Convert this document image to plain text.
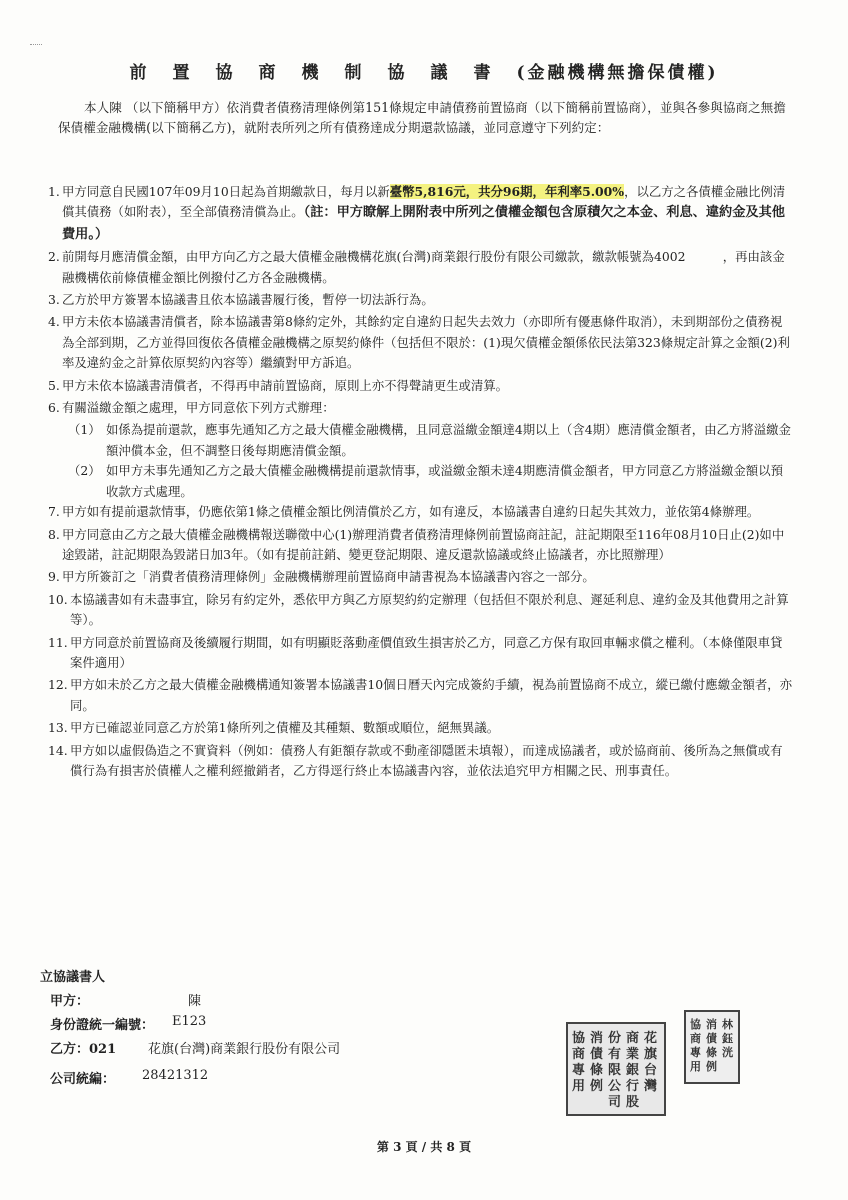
前置協商機制協議書(金融機構無擔保債權)
本人陳 （以下簡稱甲方）依消費者債務清理條例第151條規定申請債務前置協商（以下簡稱前置協商），並與各參與協商之無擔保債權金融機構(以下簡稱乙方)，就附表所列之所有債務達成分期還款協議，並同意遵守下列約定：
1. 甲方同意自民國107年09月10日起為首期繳款日，每月以新臺幣5,816元，共分96期，年利率5.00%，以乙方之各債權金融比例清償其債務（如附表），至全部債務清償為止。（註：甲方瞭解上開附表中所列之債權金額包含原積欠之本金、利息、違約金及其他費用。）
2. 前開每月應清償金額，由甲方向乙方之最大債權金融機構花旗(台灣)商業銀行股份有限公司繳款，繳款帳號為4002　　　，再由該金融機構依前條債權金額比例撥付乙方各金融機構。
3. 乙方於甲方簽署本協議書且依本協議書履行後，暫停一切法訴行為。
4. 甲方未依本協議書清償者，除本協議書第8條約定外，其餘約定自違約日起失去效力（亦即所有優惠條件取消），未到期部份之債務視為全部到期，乙方並得回復依各債權金融機構之原契約條件（包括但不限於：(1)現欠債權金額係依民法第323條規定計算之金額(2)利率及違約金之計算依原契約內容等）繼續對甲方訴追。
5. 甲方未依本協議書清償者，不得再申請前置協商，原則上亦不得聲請更生或清算。
6. 有關溢繳金額之處理，甲方同意依下列方式辦理：
（1） 如係為提前還款，應事先通知乙方之最大債權金融機構，且同意溢繳金額達4期以上（含4期）應清償金額者，由乙方將溢繳金額沖償本金，但不調整日後每期應清償金額。
（2） 如甲方未事先通知乙方之最大債權金融機構提前還款情事，或溢繳金額未達4期應清償金額者，甲方同意乙方將溢繳金額以預收款方式處理。
7. 甲方如有提前還款情事，仍應依第1條之債權金額比例清償於乙方，如有違反，本協議書自違約日起失其效力，並依第4條辦理。
8. 甲方同意由乙方之最大債權金融機構報送聯徵中心(1)辦理消費者債務清理條例前置協商註記，註記期限至116年08月10日止(2)如中途毀諾，註記期限為毀諾日加3年。（如有提前註銷、變更登記期限、違反還款協議或終止協議者，亦比照辦理）
9. 甲方所簽訂之「消費者債務清理條例」金融機構辦理前置協商申請書視為本協議書內容之一部分。
10. 本協議書如有未盡事宜，除另有約定外，悉依甲方與乙方原契約約定辦理（包括但不限於利息、遲延利息、違約金及其他費用之計算等）。
11. 甲方同意於前置協商及後續履行期間，如有明顯貶落動產價值致生損害於乙方，同意乙方保有取回車輛求償之權利。（本條僅限車貸案件適用）
12. 甲方如未於乙方之最大債權金融機構通知簽署本協議書10個日曆天內完成簽約手續，視為前置協商不成立，縱已繳付應繳金額者，亦同。
13. 甲方已確認並同意乙方於第1條所列之債權及其種類、數額或順位，絕無異議。
14. 甲方如以虛假偽造之不實資料（例如：債務人有鉅額存款或不動產卻隱匿未填報），而達成協議者，或於協商前、後所為之無償或有償行為有損害於債權人之權利經撤銷者，乙方得逕行終止本協議書內容，並依法追究甲方相關之民、刑事責任。
立協議書人
甲方：	陳
身份證統一編號： E123
乙方：021 花旗(台灣)商業銀行股份有限公司
公司統編： 28421312
花
旗
台
灣
商
業
銀
行
股
份
有
限
公
司
消
債
條
例
協
商
專
用
林
鈺
洸
消
債
條
例
協
商
專
用
第 3 頁 / 共 8 頁
